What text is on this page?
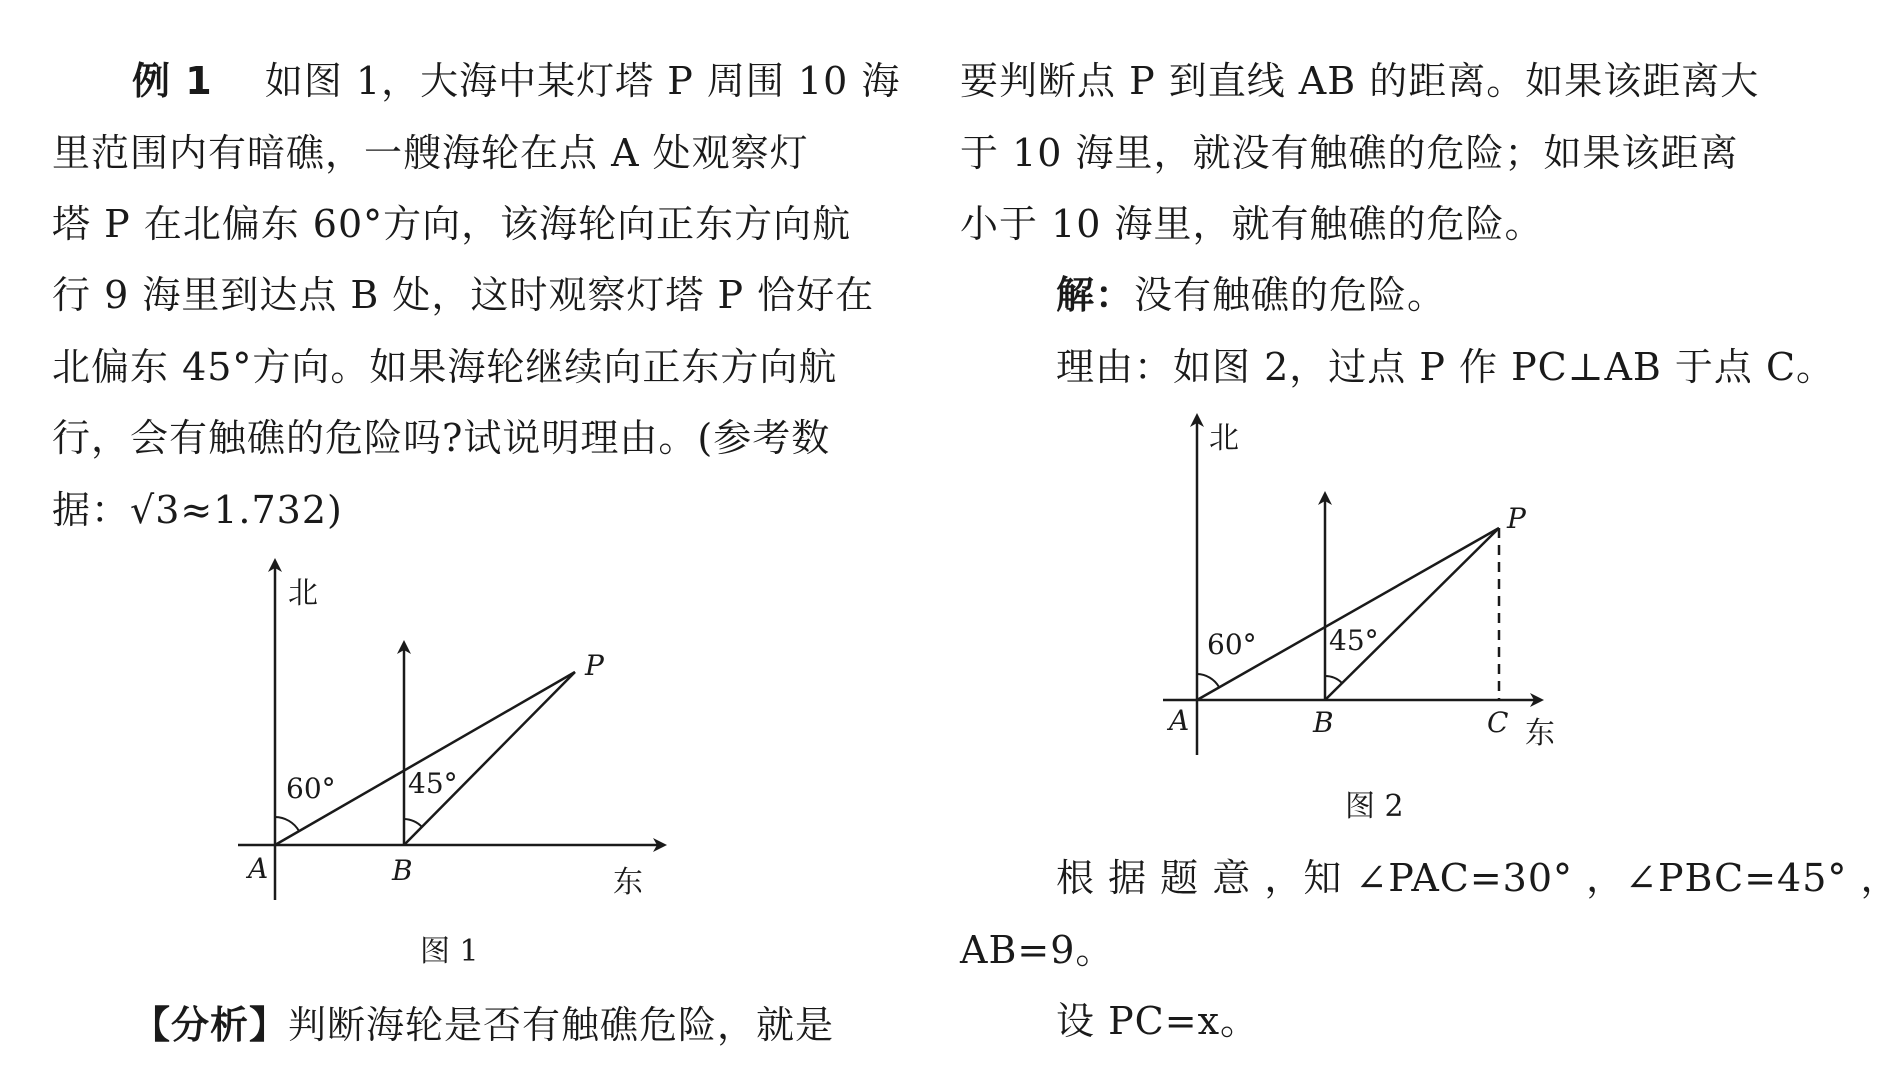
例 1 如图 1，大海中某灯塔 P 周围 10 海
里范围内有暗礁，一艘海轮在点 A 处观察灯
塔 P 在北偏东 60°方向，该海轮向正东方向航
行 9 海里到达点 B 处，这时观察灯塔 P 恰好在
北偏东 45°方向。如果海轮继续向正东方向航
行，会有触礁的危险吗?试说明理由。(参考数
据：√3≈1.732)
北
东
A	B
P
60°	45°
图 1
【分析】判断海轮是否有触礁危险，就是
要判断点 P 到直线 AB 的距离。如果该距离大
于 10 海里，就没有触礁的危险；如果该距离
小于 10 海里，就有触礁的危险。
解：没有触礁的危险。
理由：如图 2，过点 P 作 PC⊥AB 于点 C。
北
东
A	B	C
P
60°	45°
图 2
根 据 题 意 ，知 ∠PAC=30° ，∠PBC=45° ，
AB=9。
设 PC=x。
